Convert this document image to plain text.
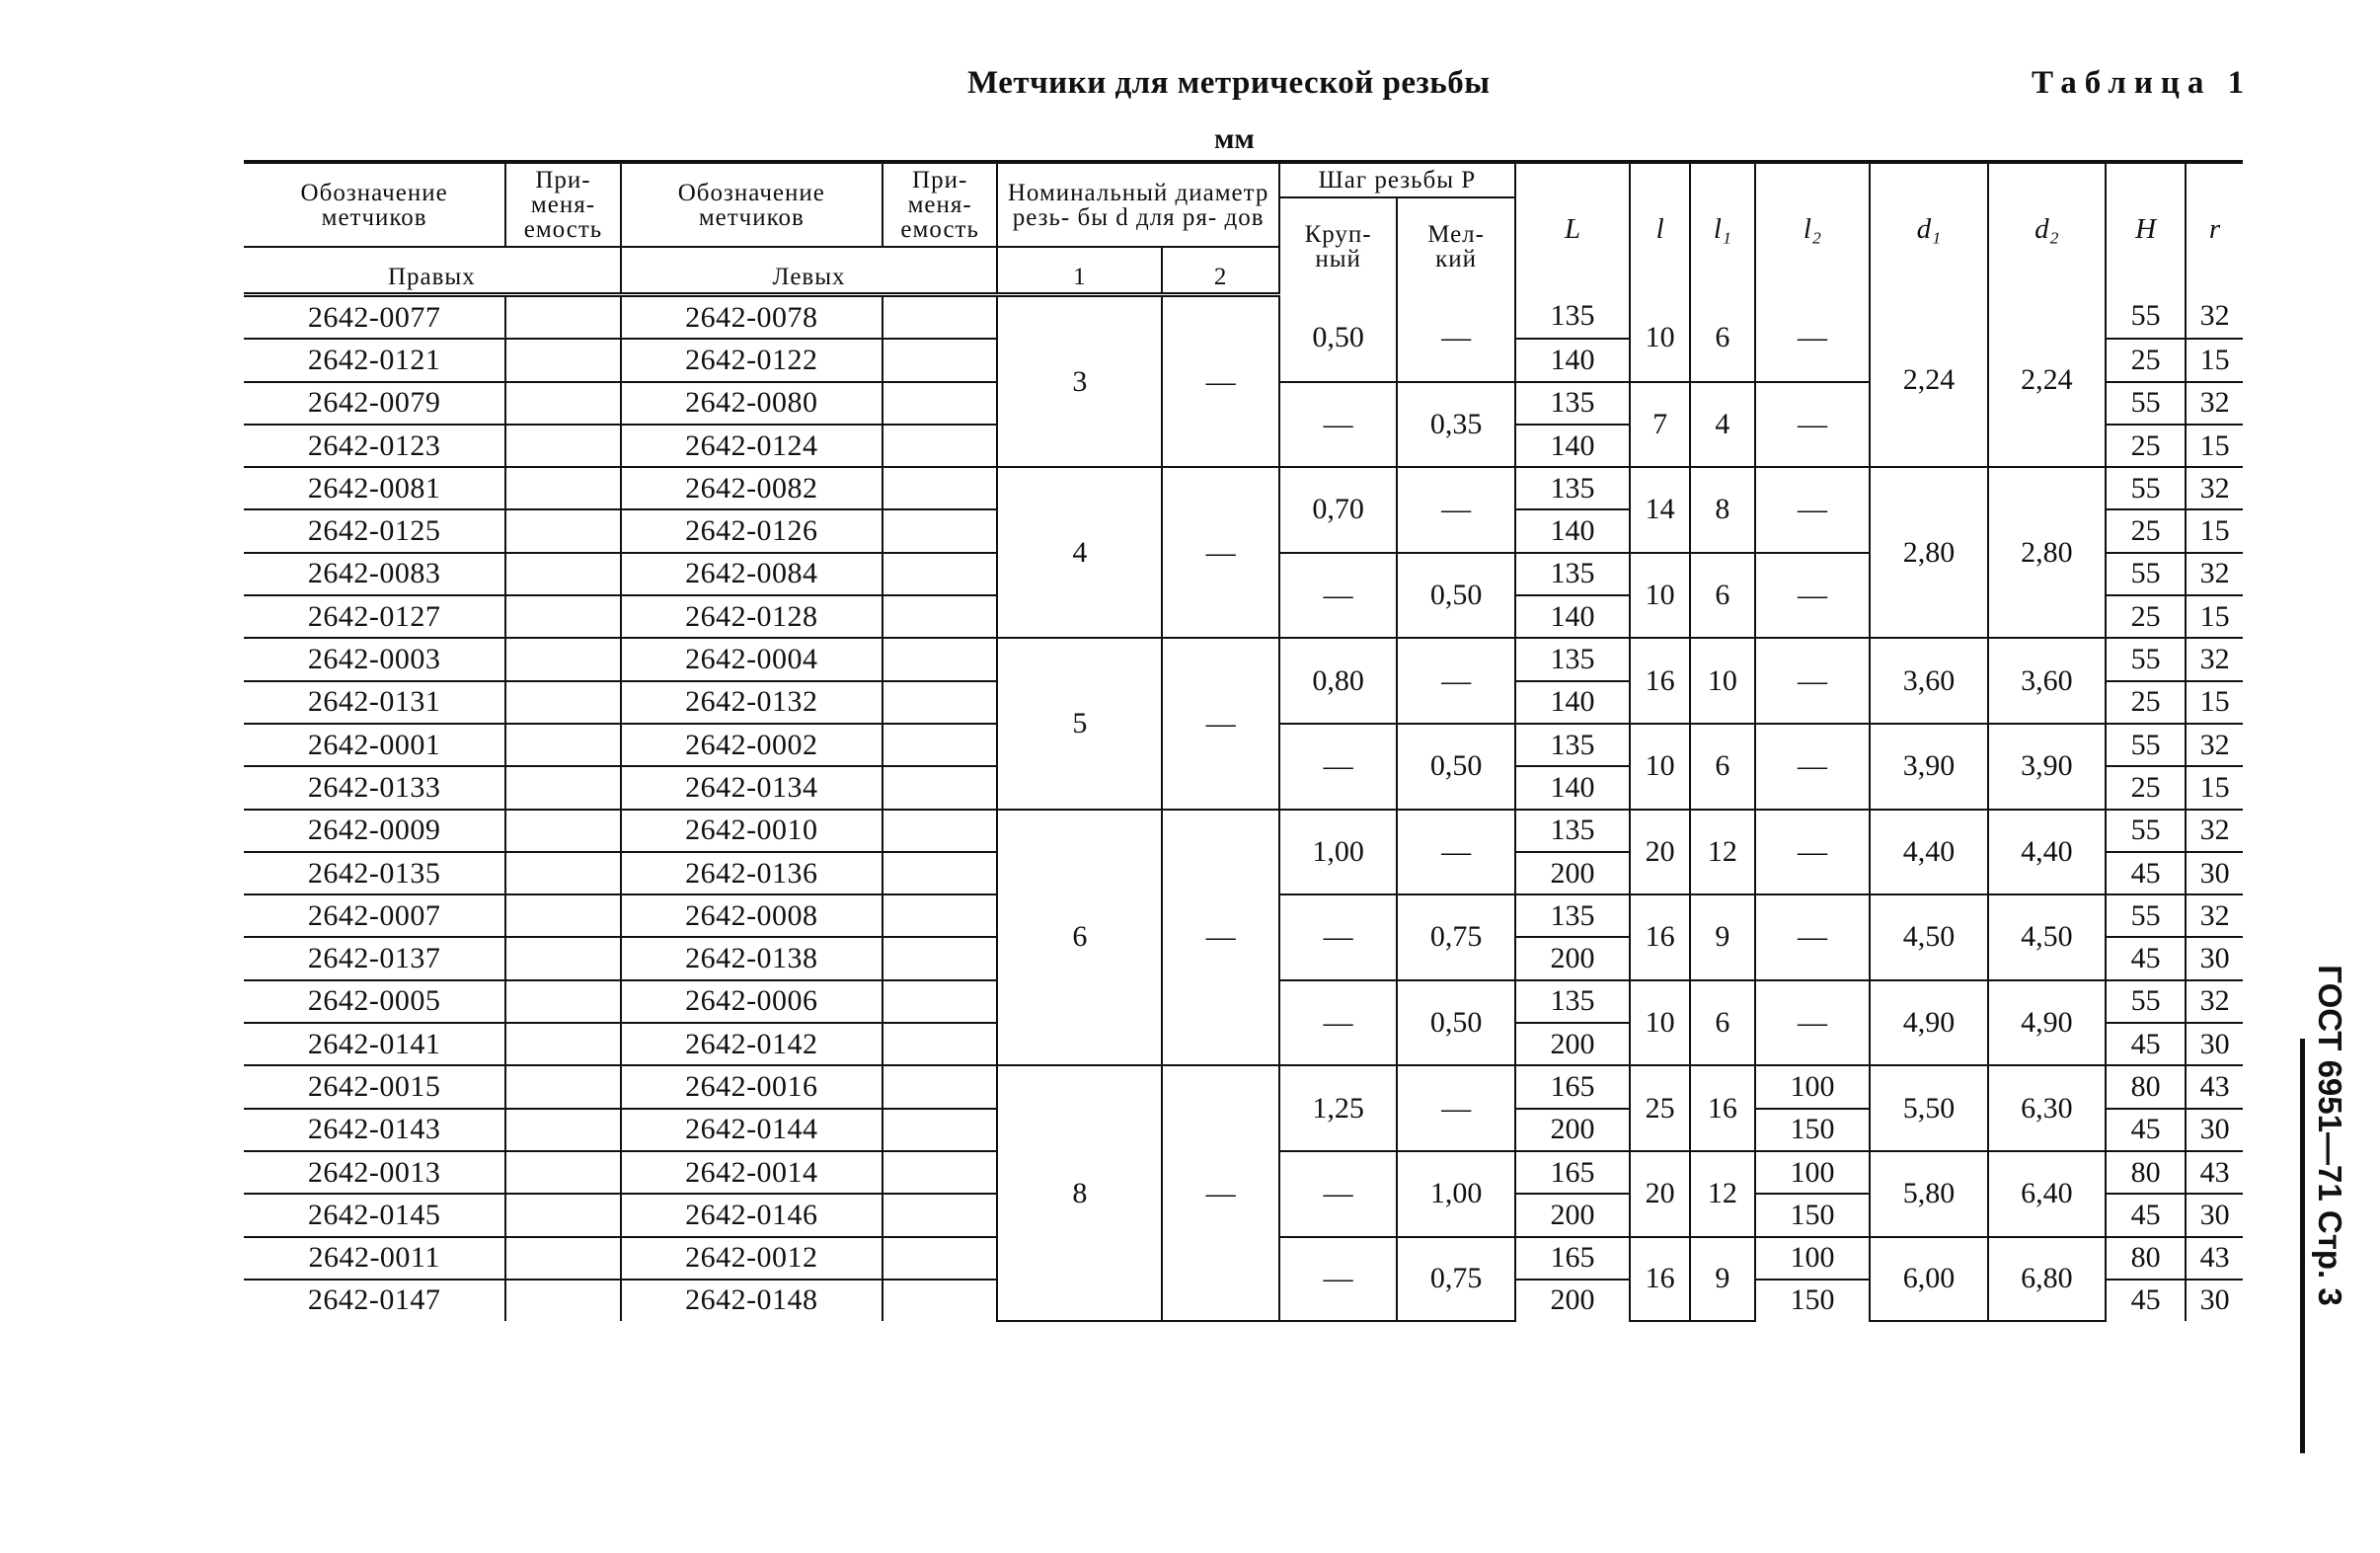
Метчики для метрической резьбы	Таблица 1
мм
ГОСТ 6951—71 Стр. 3
Обозначение метчиков	При- меня- емость	Обозначение метчиков	При- меня- емость	Номинальный диаметр резь- бы d для ря- дов		Шаг резьбы P		L	l	l₁	l₂	d₁	d₂	H	r
						Круп- ный	Мел- кий								
Правых		Левых		1	2										
2642-0077		2642-0078		3	—	0,50	—	135	10	6	—	2,24	2,24	55	32
2642-0121		2642-0122						140						25	15
2642-0079		2642-0080				—	0,35	135	7	4	—			55	32
2642-0123		2642-0124						140						25	15
2642-0081		2642-0082		4	—	0,70	—	135	14	8	—	2,80	2,80	55	32
2642-0125		2642-0126						140						25	15
2642-0083		2642-0084				—	0,50	135	10	6	—			55	32
2642-0127		2642-0128						140						25	15
2642-0003		2642-0004		5	—	0,80	—	135	16	10	—	3,60	3,60	55	32
2642-0131		2642-0132						140						25	15
2642-0001		2642-0002				—	0,50	135	10	6	—	3,90	3,90	55	32
2642-0133		2642-0134						140						25	15
2642-0009		2642-0010		6	—	1,00	—	135	20	12	—	4,40	4,40	55	32
2642-0135		2642-0136						200						45	30
2642-0007		2642-0008				—	0,75	135	16	9	—	4,50	4,50	55	32
2642-0137		2642-0138						200						45	30
2642-0005		2642-0006				—	0,50	135	10	6	—	4,90	4,90	55	32
2642-0141		2642-0142						200						45	30
2642-0015		2642-0016		8	—	1,25	—	165	25	16	100	5,50	6,30	80	43
2642-0143		2642-0144						200			150			45	30
2642-0013		2642-0014				—	1,00	165	20	12	100	5,80	6,40	80	43
2642-0145		2642-0146						200			150			45	30
2642-0011		2642-0012				—	0,75	165	16	9	100	6,00	6,80	80	43
2642-0147		2642-0148						200			150			45	30
